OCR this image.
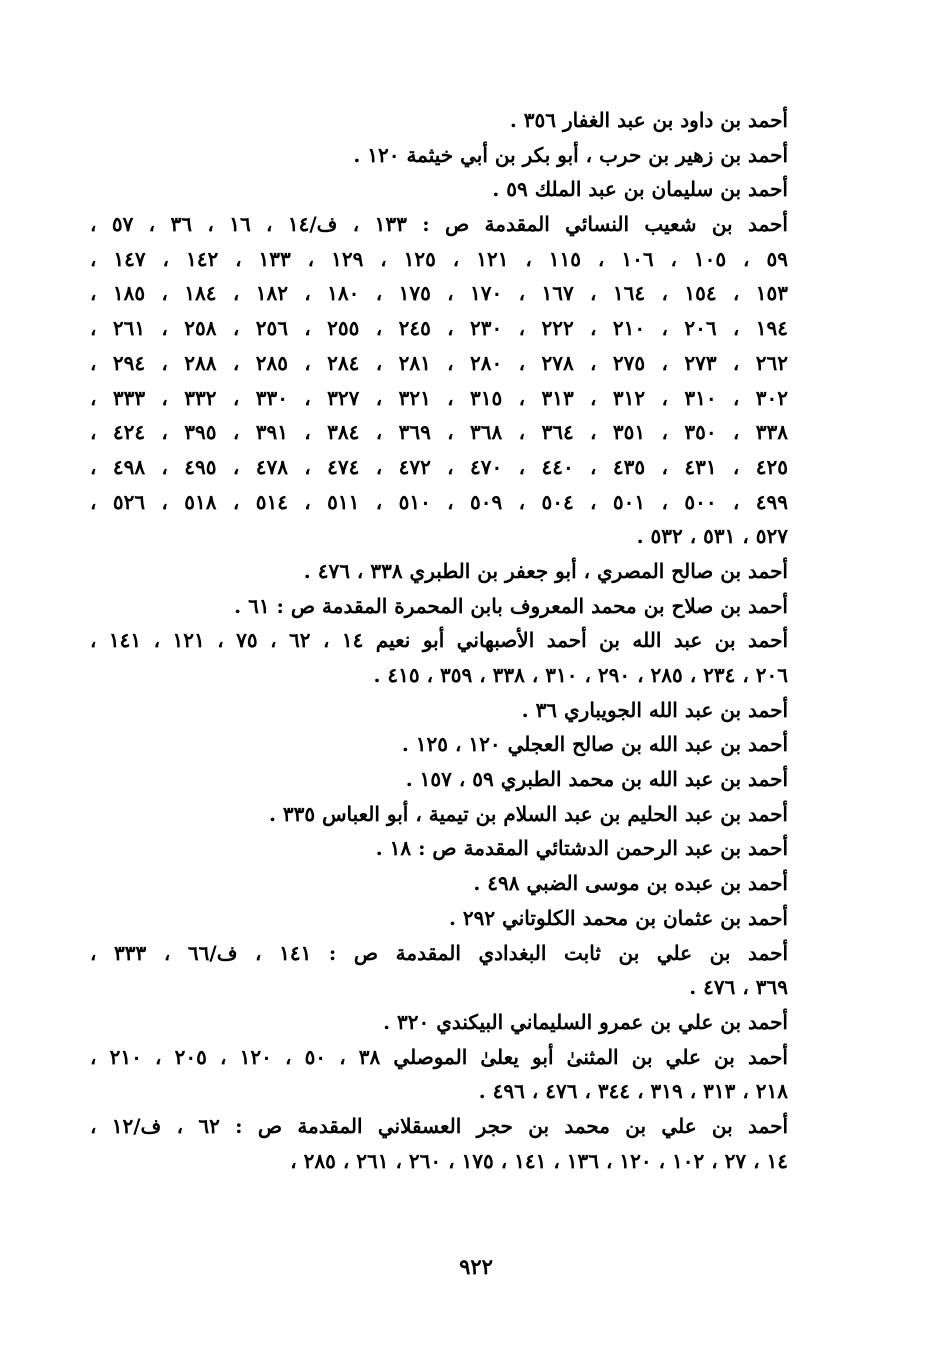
أحمد بن داود بن عبد الغفار ٣٥٦ .
أحمد بن زهير بن حرب ، أبو بكر بن أبي خيثمة ١٢٠ .
أحمد بن سليمان بن عبد الملك ٥٩ .
أحمد بن شعيب النسائي المقدمة ص : ١٣٣ ، ف/١٤ ، ١٦ ، ٣٦ ، ٥٧ ،
٥٩ ، ١٠٥ ، ١٠٦ ، ١١٥ ، ١٢١ ، ١٢٥ ، ١٢٩ ، ١٣٣ ، ١٤٢ ، ١٤٧ ،
١٥٣ ، ١٥٤ ، ١٦٤ ، ١٦٧ ، ١٧٠ ، ١٧٥ ، ١٨٠ ، ١٨٢ ، ١٨٤ ، ١٨٥ ،
١٩٤ ، ٢٠٦ ، ٢١٠ ، ٢٢٢ ، ٢٣٠ ، ٢٤٥ ، ٢٥٥ ، ٢٥٦ ، ٢٥٨ ، ٢٦١ ،
٢٦٢ ، ٢٧٣ ، ٢٧٥ ، ٢٧٨ ، ٢٨٠ ، ٢٨١ ، ٢٨٤ ، ٢٨٥ ، ٢٨٨ ، ٢٩٤ ،
٣٠٢ ، ٣١٠ ، ٣١٢ ، ٣١٣ ، ٣١٥ ، ٣٢١ ، ٣٢٧ ، ٣٣٠ ، ٣٣٢ ، ٣٣٣ ،
٣٣٨ ، ٣٥٠ ، ٣٥١ ، ٣٦٤ ، ٣٦٨ ، ٣٦٩ ، ٣٨٤ ، ٣٩١ ، ٣٩٥ ، ٤٢٤ ،
٤٢٥ ، ٤٣١ ، ٤٣٥ ، ٤٤٠ ، ٤٧٠ ، ٤٧٢ ، ٤٧٤ ، ٤٧٨ ، ٤٩٥ ، ٤٩٨ ،
٤٩٩ ، ٥٠٠ ، ٥٠١ ، ٥٠٤ ، ٥٠٩ ، ٥١٠ ، ٥١١ ، ٥١٤ ، ٥١٨ ، ٥٢٦ ،
٥٢٧ ، ٥٣١ ، ٥٣٢ .
أحمد بن صالح المصري ، أبو جعفر بن الطبري ٣٣٨ ، ٤٧٦ .
أحمد بن صلاح بن محمد المعروف بابن المحمرة المقدمة ص : ٦١ .
أحمد بن عبد الله بن أحمد الأصبهاني أبو نعيم ١٤ ، ٦٢ ، ٧٥ ، ١٢١ ، ١٤١ ،
٢٠٦ ، ٢٣٤ ، ٢٨٥ ، ٢٩٠ ، ٣١٠ ، ٣٣٨ ، ٣٥٩ ، ٤١٥ .
أحمد بن عبد الله الجويباري ٣٦ .
أحمد بن عبد الله بن صالح العجلي ١٢٠ ، ١٢٥ .
أحمد بن عبد الله بن محمد الطبري ٥٩ ، ١٥٧ .
أحمد بن عبد الحليم بن عبد السلام بن تيمية ، أبو العباس ٣٣٥ .
أحمد بن عبد الرحمن الدشتائي المقدمة ص : ١٨ .
أحمد بن عبده بن موسى الضبي ٤٩٨ .
أحمد بن عثمان بن محمد الكلوتاني ٢٩٢ .
أحمد بن علي بن ثابت البغدادي المقدمة ص : ١٤١ ، ف/٦٦ ، ٣٣٣ ،
٣٦٩ ، ٤٧٦ .
أحمد بن علي بن عمرو السليماني البيكندي ٣٢٠ .
أحمد بن علي بن المثنىٰ أبو يعلىٰ الموصلي ٣٨ ، ٥٠ ، ١٢٠ ، ٢٠٥ ، ٢١٠ ،
٢١٨ ، ٣١٣ ، ٣١٩ ، ٣٤٤ ، ٤٧٦ ، ٤٩٦ .
أحمد بن علي بن محمد بن حجر العسقلاني المقدمة ص : ٦٢ ، ف/١٢ ،
١٤ ، ٢٧ ، ١٠٢ ، ١٢٠ ، ١٣٦ ، ١٤١ ، ١٧٥ ، ٢٦٠ ، ٢٦١ ، ٢٨٥ ،
٩٢٢
